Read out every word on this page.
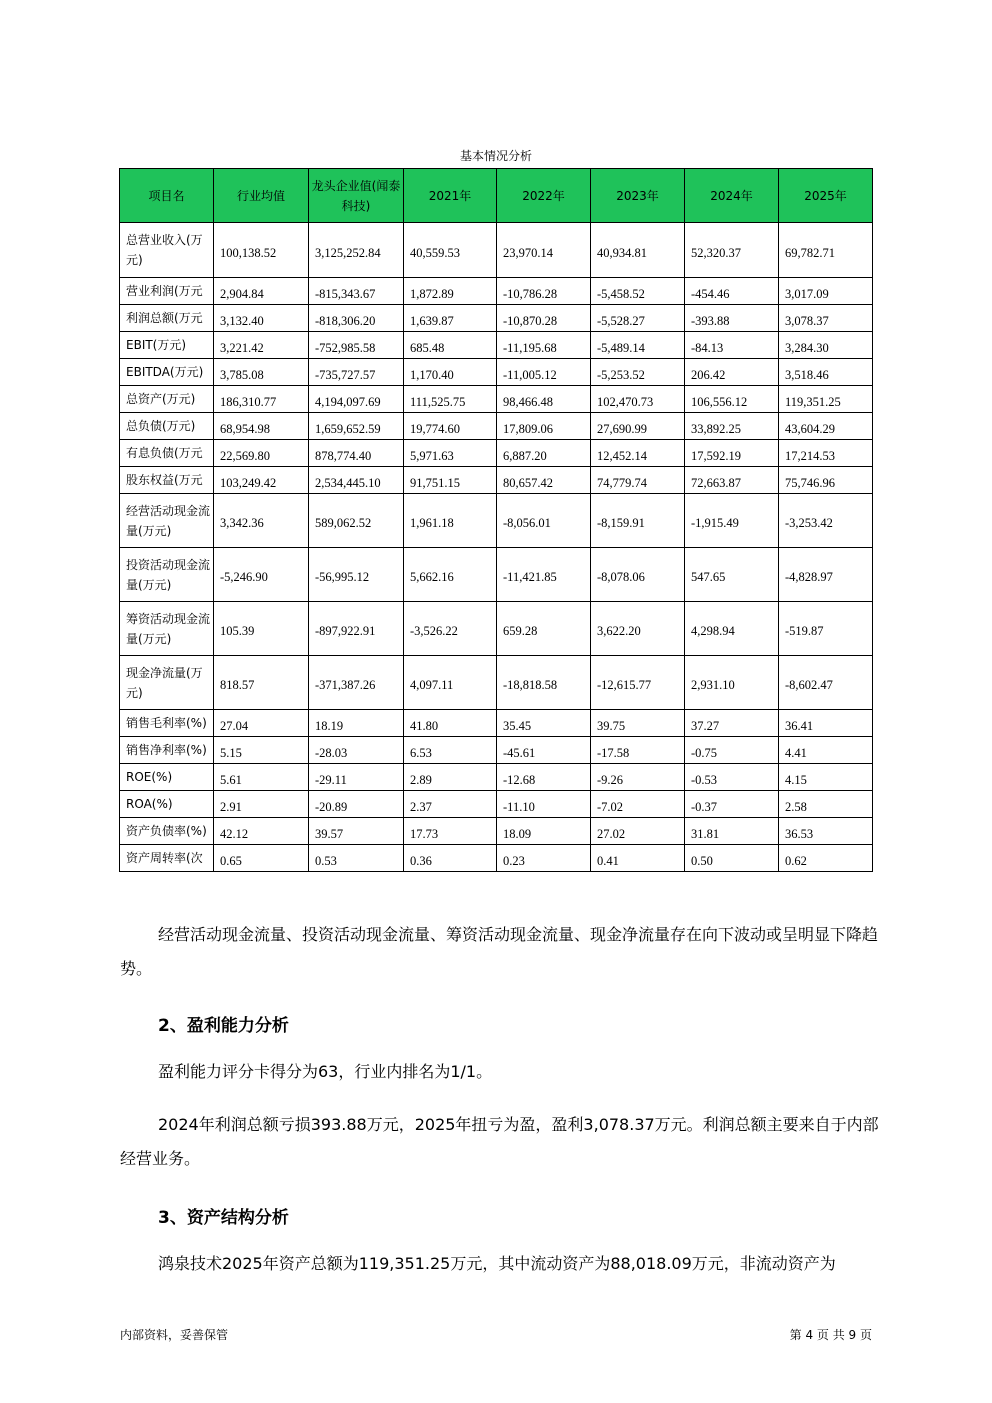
基本情况分析
项目名	行业均值	龙头企业值(闻泰科技)	2021年	2022年	2023年	2024年	2025年
总营业收入(万元)	100,138.52	3,125,252.84	40,559.53	23,970.14	40,934.81	52,320.37	69,782.71
营业利润(万元	2,904.84	-815,343.67	1,872.89	-10,786.28	-5,458.52	-454.46	3,017.09
利润总额(万元	3,132.40	-818,306.20	1,639.87	-10,870.28	-5,528.27	-393.88	3,078.37
EBIT(万元)	3,221.42	-752,985.58	685.48	-11,195.68	-5,489.14	-84.13	3,284.30
EBITDA(万元)	3,785.08	-735,727.57	1,170.40	-11,005.12	-5,253.52	206.42	3,518.46
总资产(万元)	186,310.77	4,194,097.69	111,525.75	98,466.48	102,470.73	106,556.12	119,351.25
总负债(万元)	68,954.98	1,659,652.59	19,774.60	17,809.06	27,690.99	33,892.25	43,604.29
有息负债(万元	22,569.80	878,774.40	5,971.63	6,887.20	12,452.14	17,592.19	17,214.53
股东权益(万元	103,249.42	2,534,445.10	91,751.15	80,657.42	74,779.74	72,663.87	75,746.96
经营活动现金流量(万元)	3,342.36	589,062.52	1,961.18	-8,056.01	-8,159.91	-1,915.49	-3,253.42
投资活动现金流量(万元)	-5,246.90	-56,995.12	5,662.16	-11,421.85	-8,078.06	547.65	-4,828.97
筹资活动现金流量(万元)	105.39	-897,922.91	-3,526.22	659.28	3,622.20	4,298.94	-519.87
现金净流量(万元)	818.57	-371,387.26	4,097.11	-18,818.58	-12,615.77	2,931.10	-8,602.47
销售毛利率(%)	27.04	18.19	41.80	35.45	39.75	37.27	36.41
销售净利率(%)	5.15	-28.03	6.53	-45.61	-17.58	-0.75	4.41
ROE(%)	5.61	-29.11	2.89	-12.68	-9.26	-0.53	4.15
ROA(%)	2.91	-20.89	2.37	-11.10	-7.02	-0.37	2.58
资产负债率(%)	42.12	39.57	17.73	18.09	27.02	31.81	36.53
资产周转率(次	0.65	0.53	0.36	0.23	0.41	0.50	0.62
经营活动现金流量、投资活动现金流量、筹资活动现金流量、现金净流量存在向下波动或呈明显下降趋势。
2、盈利能力分析
盈利能力评分卡得分为63，行业内排名为1/1。
2024年利润总额亏损393.88万元，2025年扭亏为盈，盈利3,078.37万元。利润总额主要来自于内部经营业务。
3、资产结构分析
鸿泉技术2025年资产总额为119,351.25万元，其中流动资产为88,018.09万元，非流动资产为
内部资料，妥善保管	第 4 页 共 9 页
